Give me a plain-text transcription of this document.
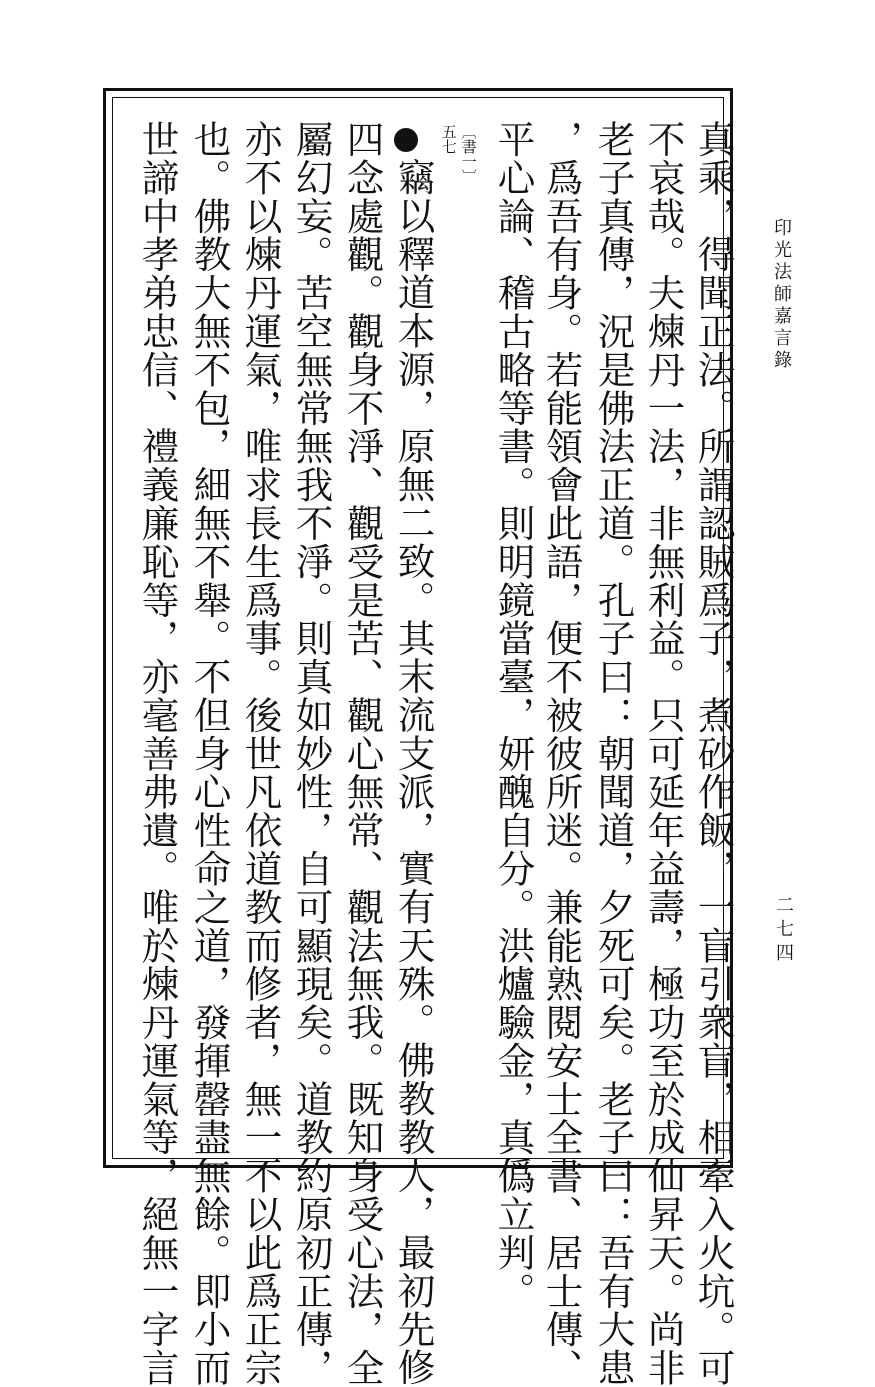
印光法師嘉言錄
二七四
真乘，得聞正法。所謂認賊爲子，煮砂作飯，一盲引衆盲，相牽入火坑。可
不哀哉。夫煉丹一法，非無利益。只可延年益壽，極功至於成仙昇天。尚非
老子真傳，況是佛法正道。孔子曰：朝聞道，夕死可矣。老子曰：吾有大患
，爲吾有身。若能領會此語，便不被彼所迷。兼能熟閱安士全書、居士傳、
平心論、稽古略等書。則明鏡當臺，妍醜自分。洪爐驗金，真僞立判。
〔書一〕
五七
竊以釋道本源，原無二致。其末流支派，實有天殊。佛教教人，最初先修
四念處觀。觀身不淨、觀受是苦、觀心無常、觀法無我。既知身受心法，全
屬幻妄。苦空無常無我不淨。則真如妙性，自可顯現矣。道教約原初正傳，
亦不以煉丹運氣，唯求長生爲事。後世凡依道教而修者，無一不以此爲正宗
也。佛教大無不包，細無不舉。不但身心性命之道，發揮罄盡無餘。即小而
世諦中孝弟忠信、禮義廉恥等，亦毫善弗遺。唯於煉丹運氣等，絕無一字言
